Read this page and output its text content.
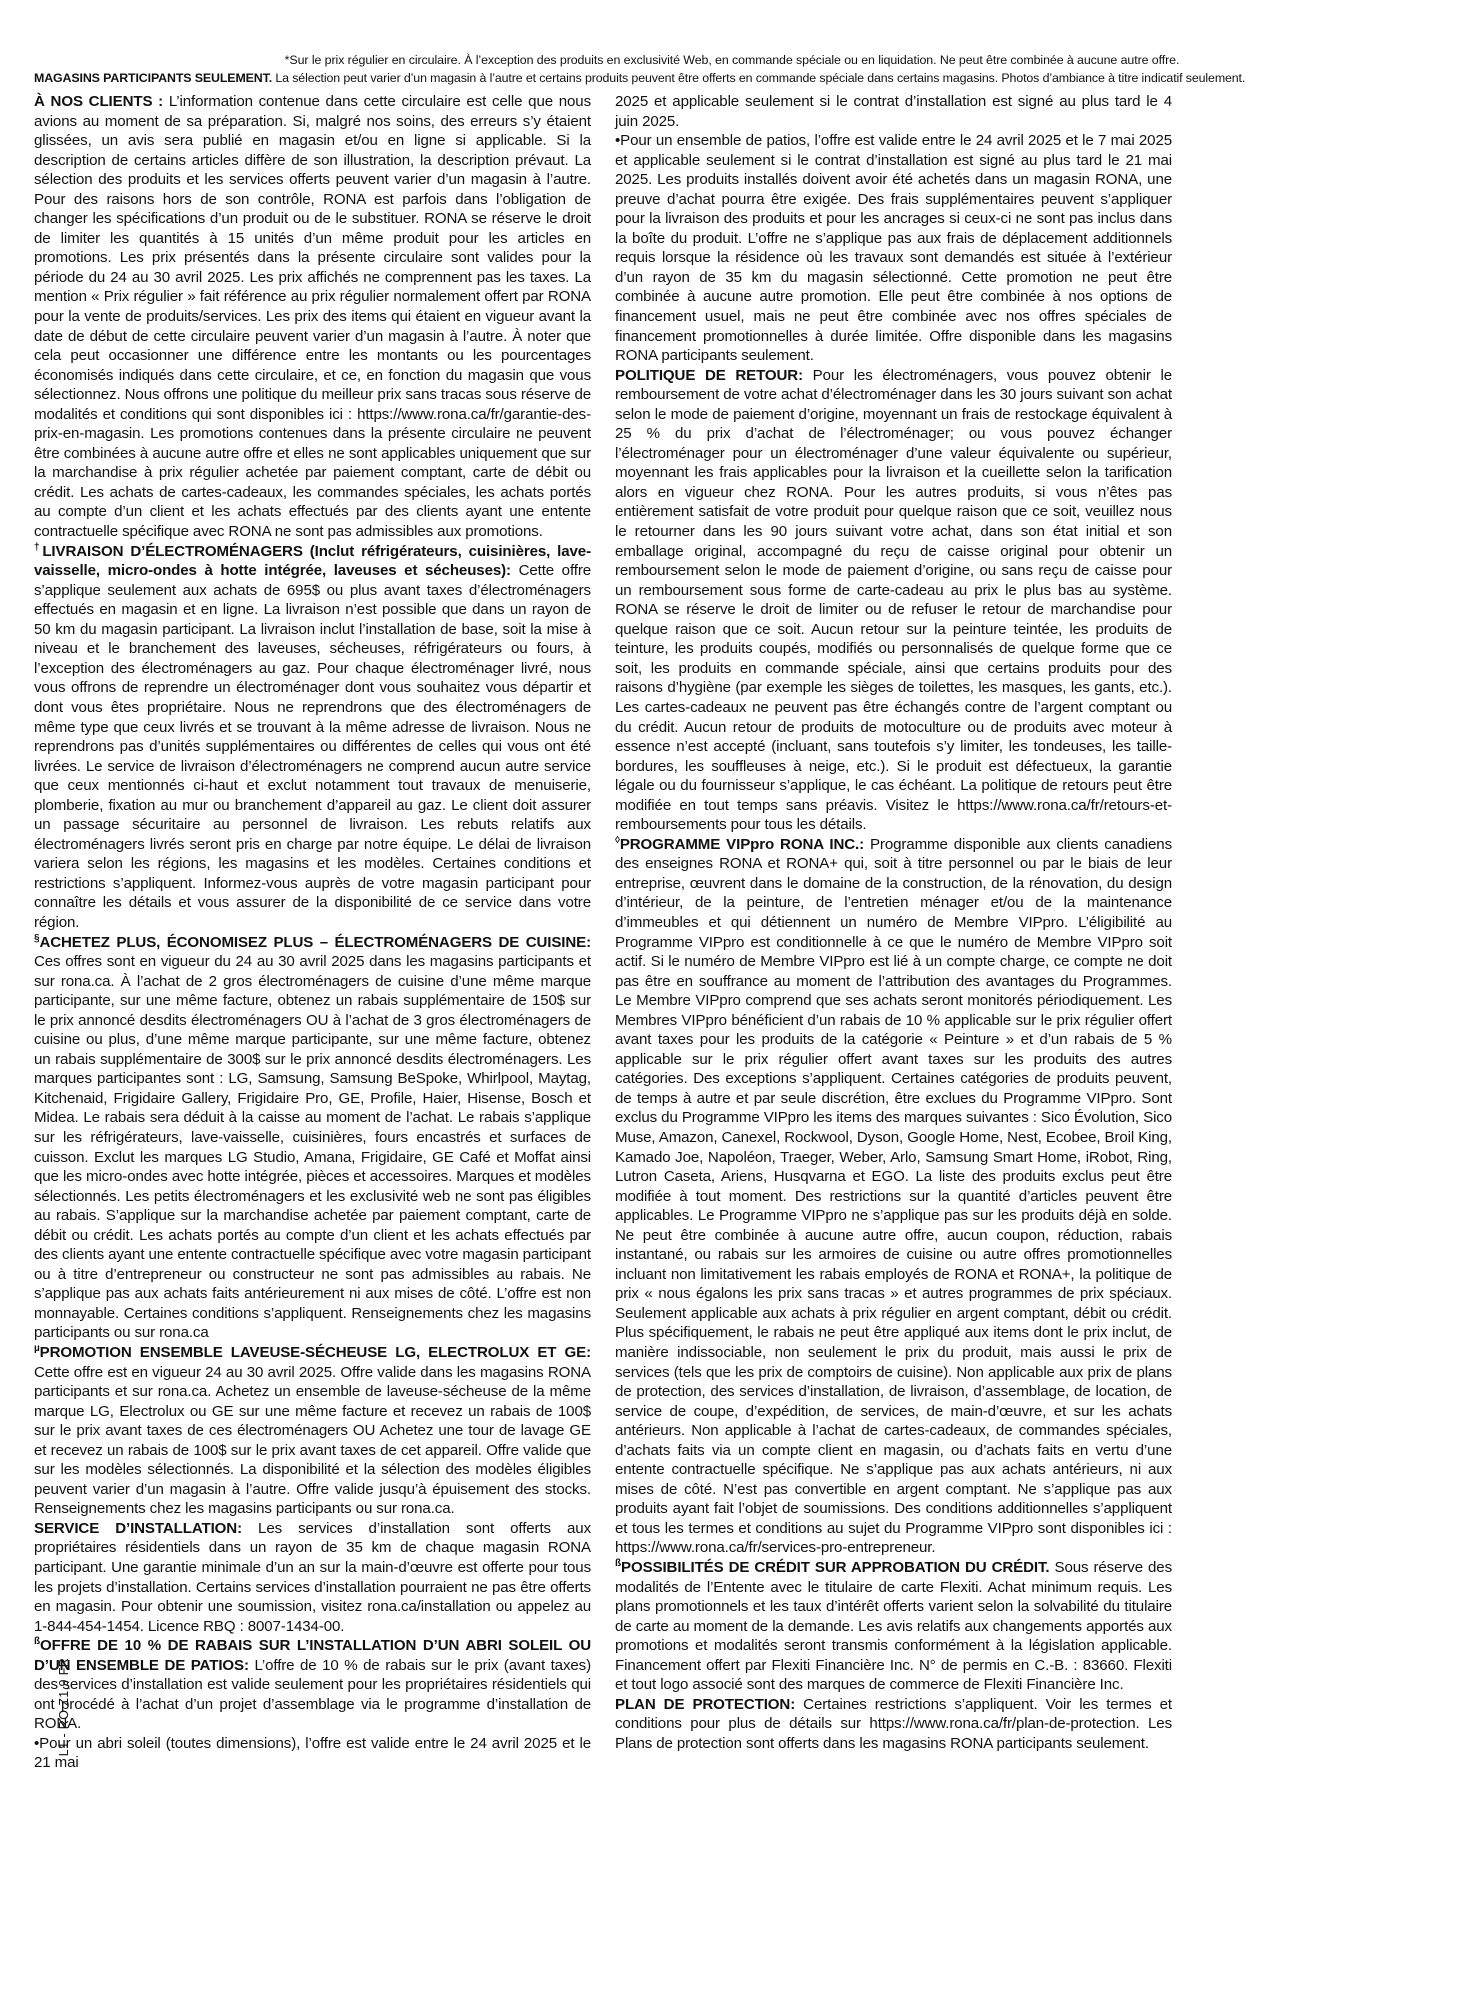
*Sur le prix régulier en circulaire. À l’exception des produits en exclusivité Web, en commande spéciale ou en liquidation. Ne peut être combinée à aucune autre offre.
MAGASINS PARTICIPANTS SEULEMENT. La sélection peut varier d’un magasin à l’autre et certains produits peuvent être offerts en commande spéciale dans certains magasins. Photos d’ambiance à titre indicatif seulement.

À NOS CLIENTS : L’information contenue dans cette circulaire est celle que nous avions au moment de sa préparation. Si, malgré nos soins, des erreurs s’y étaient glissées, un avis sera publié en magasin et/ou en ligne si applicable. Si la description de certains articles diffère de son illustration, la description prévaut. La sélection des produits et les services offerts peuvent varier d’un magasin à l’autre. Pour des raisons hors de son contrôle, RONA est parfois dans l’obligation de changer les spécifications d’un produit ou de le substituer. RONA se réserve le droit de limiter les quantités à 15 unités d’un même produit pour les articles en promotions. Les prix présentés dans la présente circulaire sont valides pour la période du 24 au 30 avril 2025. Les prix affichés ne comprennent pas les taxes. La mention « Prix régulier » fait référence au prix régulier normalement offert par RONA pour la vente de produits/services. Les prix des items qui étaient en vigueur avant la date de début de cette circulaire peuvent varier d’un magasin à l’autre. À noter que cela peut occasionner une différence entre les montants ou les pourcentages économisés indiqués dans cette circulaire, et ce, en fonction du magasin que vous sélectionnez. Nous offrons une politique du meilleur prix sans tracas sous réserve de modalités et conditions qui sont disponibles ici : https://www.rona.ca/fr/garantie-des-prix-en-magasin. Les promotions contenues dans la présente circulaire ne peuvent être combinées à aucune autre offre et elles ne sont applicables uniquement que sur la marchandise à prix régulier achetée par paiement comptant, carte de débit ou crédit. Les achats de cartes-cadeaux, les commandes spéciales, les achats portés au compte d’un client et les achats effectués par des clients ayant une entente contractuelle spécifique avec RONA ne sont pas admissibles aux promotions.

†LIVRAISON D’ÉLECTROMÉNAGERS (Inclut réfrigérateurs, cuisinières, lave-vaisselle, micro-ondes à hotte intégrée, laveuses et sécheuses): Cette offre s’applique seulement aux achats de 695$ ou plus avant taxes d’électroménagers effectués en magasin et en ligne. La livraison n’est possible que dans un rayon de 50 km du magasin participant. La livraison inclut l’installation de base, soit la mise à niveau et le branchement des laveuses, sécheuses, réfrigérateurs ou fours, à l’exception des électroménagers au gaz. Pour chaque électroménager livré, nous vous offrons de reprendre un électroménager dont vous souhaitez vous départir et dont vous êtes propriétaire. Nous ne reprendrons que des électroménagers de même type que ceux livrés et se trouvant à la même adresse de livraison. Nous ne reprendrons pas d’unités supplémentaires ou différentes de celles qui vous ont été livrées. Le service de livraison d’électroménagers ne comprend aucun autre service que ceux mentionnés ci-haut et exclut notamment tout travaux de menuiserie, plomberie, fixation au mur ou branchement d’appareil au gaz. Le client doit assurer un passage sécuritaire au personnel de livraison. Les rebuts relatifs aux électroménagers livrés seront pris en charge par notre équipe. Le délai de livraison variera selon les régions, les magasins et les modèles. Certaines conditions et restrictions s’appliquent. Informez-vous auprès de votre magasin participant pour connaître les détails et vous assurer de la disponibilité de ce service dans votre région.

§ACHETEZ PLUS, ÉCONOMISEZ PLUS – ÉLECTROMÉNAGERS DE CUISINE: Ces offres sont en vigueur du 24 au 30 avril 2025 dans les magasins participants et sur rona.ca. À l’achat de 2 gros électroménagers de cuisine d’une même marque participante, sur une même facture, obtenez un rabais supplémentaire de 150$ sur le prix annoncé desdits électroménagers OU à l’achat de 3 gros électroménagers de cuisine ou plus, d’une même marque participante, sur une même facture, obtenez un rabais supplémentaire de 300$ sur le prix annoncé desdits électroménagers. Les marques participantes sont : LG, Samsung, Samsung BeSpoke, Whirlpool, Maytag, Kitchenaid, Frigidaire Gallery, Frigidaire Pro, GE, Profile, Haier, Hisense, Bosch et Midea. Le rabais sera déduit à la caisse au moment de l’achat. Le rabais s’applique sur les réfrigérateurs, lave-vaisselle, cuisinières, fours encastrés et surfaces de cuisson. Exclut les marques LG Studio, Amana, Frigidaire, GE Café et Moffat ainsi que les micro-ondes avec hotte intégrée, pièces et accessoires. Marques et modèles sélectionnés. Les petits électroménagers et les exclusivité web ne sont pas éligibles au rabais. S’applique sur la marchandise achetée par paiement comptant, carte de débit ou crédit. Les achats portés au compte d’un client et les achats effectués par des clients ayant une entente contractuelle spécifique avec votre magasin participant ou à titre d’entrepreneur ou constructeur ne sont pas admissibles au rabais. Ne s’applique pas aux achats faits antérieurement ni aux mises de côté. L’offre est non monnayable. Certaines conditions s’appliquent. Renseignements chez les magasins participants ou sur rona.ca

$^\mu$PROMOTION ENSEMBLE LAVEUSE-SÉCHEUSE LG, ELECTROLUX ET GE: Cette offre est en vigueur 24 au 30 avril 2025. Offre valide dans les magasins RONA participants et sur rona.ca. Achetez un ensemble de laveuse-sécheuse de la même marque LG, Electrolux ou GE sur une même facture et recevez un rabais de 100$ sur le prix avant taxes de ces électroménagers OU Achetez une tour de lavage GE et recevez un rabais de 100$ sur le prix avant taxes de cet appareil. Offre valide que sur les modèles sélectionnés. La disponibilité et la sélection des modèles éligibles peuvent varier d’un magasin à l’autre. Offre valide jusqu’à épuisement des stocks. Renseignements chez les magasins participants ou sur rona.ca.

SERVICE D’INSTALLATION: Les services d’installation sont offerts aux propriétaires résidentiels dans un rayon de 35 km de chaque magasin RONA participant. Une garantie minimale d’un an sur la main-d’œuvre est offerte pour tous les projets d’installation. Certains services d’installation pourraient ne pas être offerts en magasin. Pour obtenir une soumission, visitez rona.ca/installation ou appelez au 1-844-454-1454. Licence RBQ : 8007-1434-00.

$^ß$OFFRE DE 10 % DE RABAIS SUR L’INSTALLATION D’UN ABRI SOLEIL OU D’UN ENSEMBLE DE PATIOS: L’offre de 10 % de rabais sur le prix (avant taxes) des services d’installation est valide seulement pour les propriétaires résidentiels qui ont procédé à l’achat d’un projet d’assemblage via le programme d’installation de RONA.

•Pour un abri soleil (toutes dimensions), l’offre est valide entre le 24 avril 2025 et le 21 mai

2025 et applicable seulement si le contrat d’installation est signé au plus tard le 4 juin 2025.

•Pour un ensemble de patios, l’offre est valide entre le 24 avril 2025 et le 7 mai 2025 et applicable seulement si le contrat d’installation est signé au plus tard le 21 mai 2025. Les produits installés doivent avoir été achetés dans un magasin RONA, une preuve d’achat pourra être exigée. Des frais supplémentaires peuvent s’appliquer pour la livraison des produits et pour les ancrages si ceux-ci ne sont pas inclus dans la boîte du produit. L’offre ne s’applique pas aux frais de déplacement additionnels requis lorsque la résidence où les travaux sont demandés est située à l’extérieur d’un rayon de 35 km du magasin sélectionné. Cette promotion ne peut être combinée à aucune autre promotion. Elle peut être combinée à nos options de financement usuel, mais ne peut être combinée avec nos offres spéciales de financement promotionnelles à durée limitée. Offre disponible dans les magasins RONA participants seulement.

POLITIQUE DE RETOUR: Pour les électroménagers, vous pouvez obtenir le remboursement de votre achat d’électroménager dans les 30 jours suivant son achat selon le mode de paiement d’origine, moyennant un frais de restockage équivalent à 25 % du prix d’achat de l’électroménager; ou vous pouvez échanger l’électroménager pour un électroménager d’une valeur équivalente ou supérieur, moyennant les frais applicables pour la livraison et la cueillette selon la tarification alors en vigueur chez RONA. Pour les autres produits, si vous n’êtes pas entièrement satisfait de votre produit pour quelque raison que ce soit, veuillez nous le retourner dans les 90 jours suivant votre achat, dans son état initial et son emballage original, accompagné du reçu de caisse original pour obtenir un remboursement selon le mode de paiement d’origine, ou sans reçu de caisse pour un remboursement sous forme de carte-cadeau au prix le plus bas au système. RONA se réserve le droit de limiter ou de refuser le retour de marchandise pour quelque raison que ce soit. Aucun retour sur la peinture teintée, les produits de teinture, les produits coupés, modifiés ou personnalisés de quelque forme que ce soit, les produits en commande spéciale, ainsi que certains produits pour des raisons d’hygiène (par exemple les sièges de toilettes, les masques, les gants, etc.). Les cartes-cadeaux ne peuvent pas être échangés contre de l’argent comptant ou du crédit. Aucun retour de produits de motoculture ou de produits avec moteur à essence n’est accepté (incluant, sans toutefois s’y limiter, les tondeuses, les taille-bordures, les souffleuses à neige, etc.). Si le produit est défectueux, la garantie légale ou du fournisseur s’applique, le cas échéant. La politique de retours peut être modifiée en tout temps sans préavis. Visitez le https://www.rona.ca/fr/retours-et-remboursements pour tous les détails.

◊PROGRAMME VIPpro RONA INC.: Programme disponible aux clients canadiens des enseignes RONA et RONA+ qui, soit à titre personnel ou par le biais de leur entreprise, œuvrent dans le domaine de la construction, de la rénovation, du design d’intérieur, de la peinture, de l’entretien ménager et/ou de la maintenance d’immeubles et qui détiennent un numéro de Membre VIPpro. L’éligibilité au Programme VIPpro est conditionnelle à ce que le numéro de Membre VIPpro soit actif. Si le numéro de Membre VIPpro est lié à un compte charge, ce compte ne doit pas être en souffrance au moment de l’attribution des avantages du Programmes. Le Membre VIPpro comprend que ses achats seront monitorés périodiquement. Les Membres VIPpro bénéficient d’un rabais de 10 % applicable sur le prix régulier offert avant taxes pour les produits de la catégorie « Peinture » et d’un rabais de 5 % applicable sur le prix régulier offert avant taxes sur les produits des autres catégories. Des exceptions s’appliquent. Certaines catégories de produits peuvent, de temps à autre et par seule discrétion, être exclues du Programme VIPpro. Sont exclus du Programme VIPpro les items des marques suivantes : Sico Évolution, Sico Muse, Amazon, Canexel, Rockwool, Dyson, Google Home, Nest, Ecobee, Broil King, Kamado Joe, Napoléon, Traeger, Weber, Arlo, Samsung Smart Home, iRobot, Ring, Lutron Caseta, Ariens, Husqvarna et EGO. La liste des produits exclus peut être modifiée à tout moment. Des restrictions sur la quantité d’articles peuvent être applicables. Le Programme VIPpro ne s’applique pas sur les produits déjà en solde. Ne peut être combinée à aucune autre offre, aucun coupon, réduction, rabais instantané, ou rabais sur les armoires de cuisine ou autre offres promotionnelles incluant non limitativement les rabais employés de RONA et RONA+, la politique de prix « nous égalons les prix sans tracas » et autres programmes de prix spéciaux. Seulement applicable aux achats à prix régulier en argent comptant, débit ou crédit. Plus spécifiquement, le rabais ne peut être appliqué aux items dont le prix inclut, de manière indissociable, non seulement le prix du produit, mais aussi le prix de services (tels que les prix de comptoirs de cuisine). Non applicable aux prix de plans de protection, des services d’installation, de livraison, d’assemblage, de location, de service de coupe, d’expédition, de services, de main-d’œuvre, et sur les achats antérieurs. Non applicable à l’achat de cartes-cadeaux, de commandes spéciales, d’achats faits via un compte client en magasin, ou d’achats faits en vertu d’une entente contractuelle spécifique. Ne s’applique pas aux achats antérieurs, ni aux mises de côté. N’est pas convertible en argent comptant. Ne s’applique pas aux produits ayant fait l’objet de soumissions. Des conditions additionnelles s’appliquent et tous les termes et conditions au sujet du Programme VIPpro sont disponibles ici : https://www.rona.ca/fr/services-pro-entrepreneur.

$^ß$POSSIBILITÉS DE CRÉDIT SUR APPROBATION DU CRÉDIT. Sous réserve des modalités de l’Entente avec le titulaire de carte Flexiti. Achat minimum requis. Les plans promotionnels et les taux d’intérêt offerts varient selon la solvabilité du titulaire de carte au moment de la demande. Les avis relatifs aux changements apportés aux promotions et modalités seront transmis conformément à la législation applicable. Financement offert par Flexiti Financière Inc. N° de permis en C.-B. : 83660. Flexiti et tout logo associé sont des marques de commerce de Flexiti Financière Inc.

PLAN DE PROTECTION: Certaines restrictions s’appliquent. Voir les termes et conditions pour plus de détails sur https://www.rona.ca/fr/plan-de-protection. Les Plans de protection sont offerts dans les magasins RONA participants seulement.

L1 - RO Z1,9 FR
